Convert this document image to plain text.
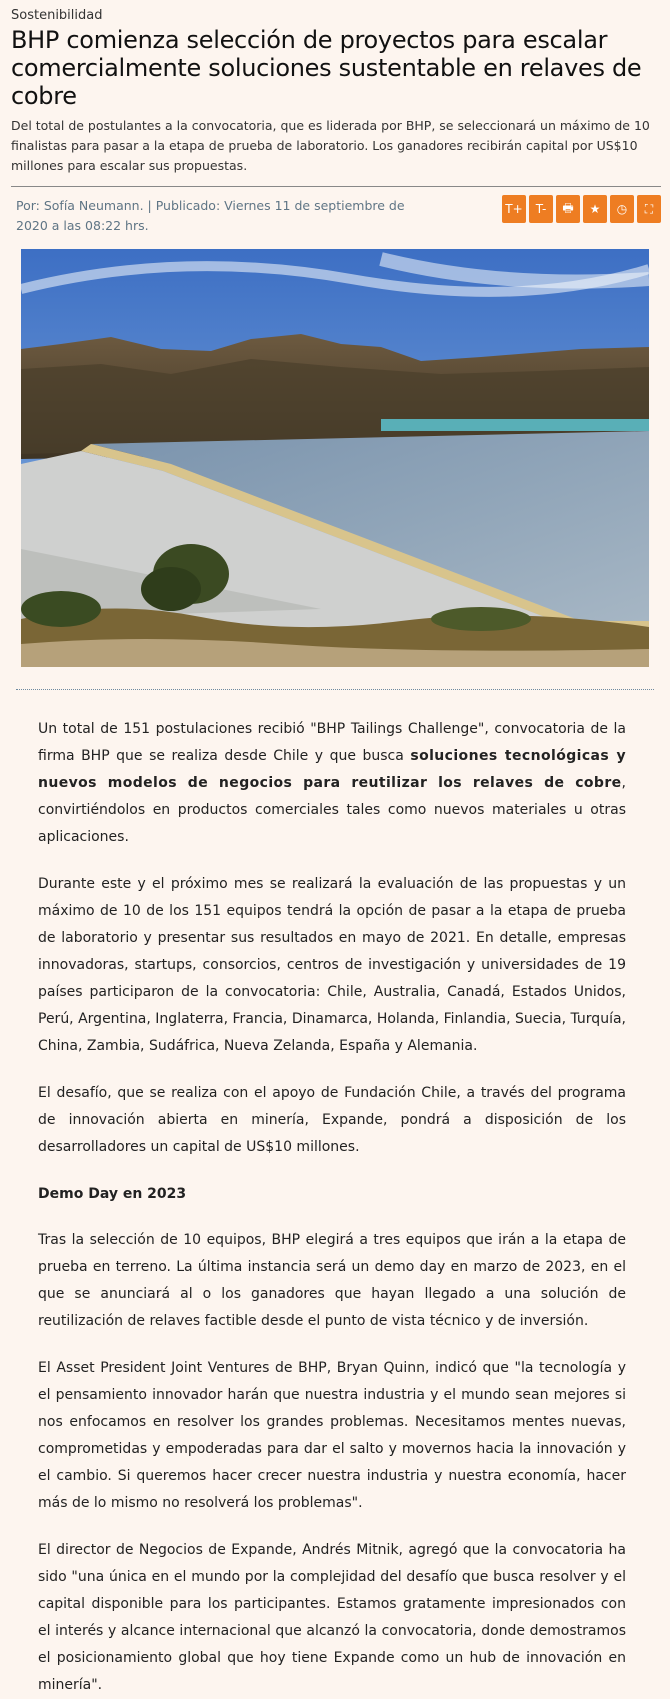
Sostenibilidad
BHP comienza selección de proyectos para escalar comercialmente soluciones sustentable en relaves de cobre

Del total de postulantes a la convocatoria, que es liderada por BHP, se seleccionará un máximo de 10 finalistas para pasar a la etapa de prueba de laboratorio. Los ganadores recibirán capital por US$10 millones para escalar sus propuestas.

Por: Sofía Neumann. | Publicado: Viernes 11 de septiembre de 2020 a las 08:22 hrs.
T+	T-	🖶	★	◷	⛶

Un total de 151 postulaciones recibió "BHP Tailings Challenge", convocatoria de la firma BHP que se realiza desde Chile y que busca soluciones tecnológicas y nuevos modelos de negocios para reutilizar los relaves de cobre, convirtiéndolos en productos comerciales tales como nuevos materiales u otras aplicaciones.

Durante este y el próximo mes se realizará la evaluación de las propuestas y un máximo de 10 de los 151 equipos tendrá la opción de pasar a la etapa de prueba de laboratorio y presentar sus resultados en mayo de 2021. En detalle, empresas innovadoras, startups, consorcios, centros de investigación y universidades de 19 países participaron de la convocatoria: Chile, Australia, Canadá, Estados Unidos, Perú, Argentina, Inglaterra, Francia, Dinamarca, Holanda, Finlandia, Suecia, Turquía, China, Zambia, Sudáfrica, Nueva Zelanda, España y Alemania.

El desafío, que se realiza con el apoyo de Fundación Chile, a través del programa de innovación abierta en minería, Expande, pondrá a disposición de los desarrolladores un capital de US$10 millones.

Demo Day en 2023

Tras la selección de 10 equipos, BHP elegirá a tres equipos que irán a la etapa de prueba en terreno. La última instancia será un demo day en marzo de 2023, en el que se anunciará al o los ganadores que hayan llegado a una solución de reutilización de relaves factible desde el punto de vista técnico y de inversión.

El Asset President Joint Ventures de BHP, Bryan Quinn, indicó que "la tecnología y el pensamiento innovador harán que nuestra industria y el mundo sean mejores si nos enfocamos en resolver los grandes problemas. Necesitamos mentes nuevas, comprometidas y empoderadas para dar el salto y movernos hacia la innovación y el cambio. Si queremos hacer crecer nuestra industria y nuestra economía, hacer más de lo mismo no resolverá los problemas".

El director de Negocios de Expande, Andrés Mitnik, agregó que la convocatoria ha sido "una única en el mundo por la complejidad del desafío que busca resolver y el capital disponible para los participantes. Estamos gratamente impresionados con el interés y alcance internacional que alcanzó la convocatoria, donde demostramos el posicionamiento global que hoy tiene Expande como un hub de innovación en minería".
